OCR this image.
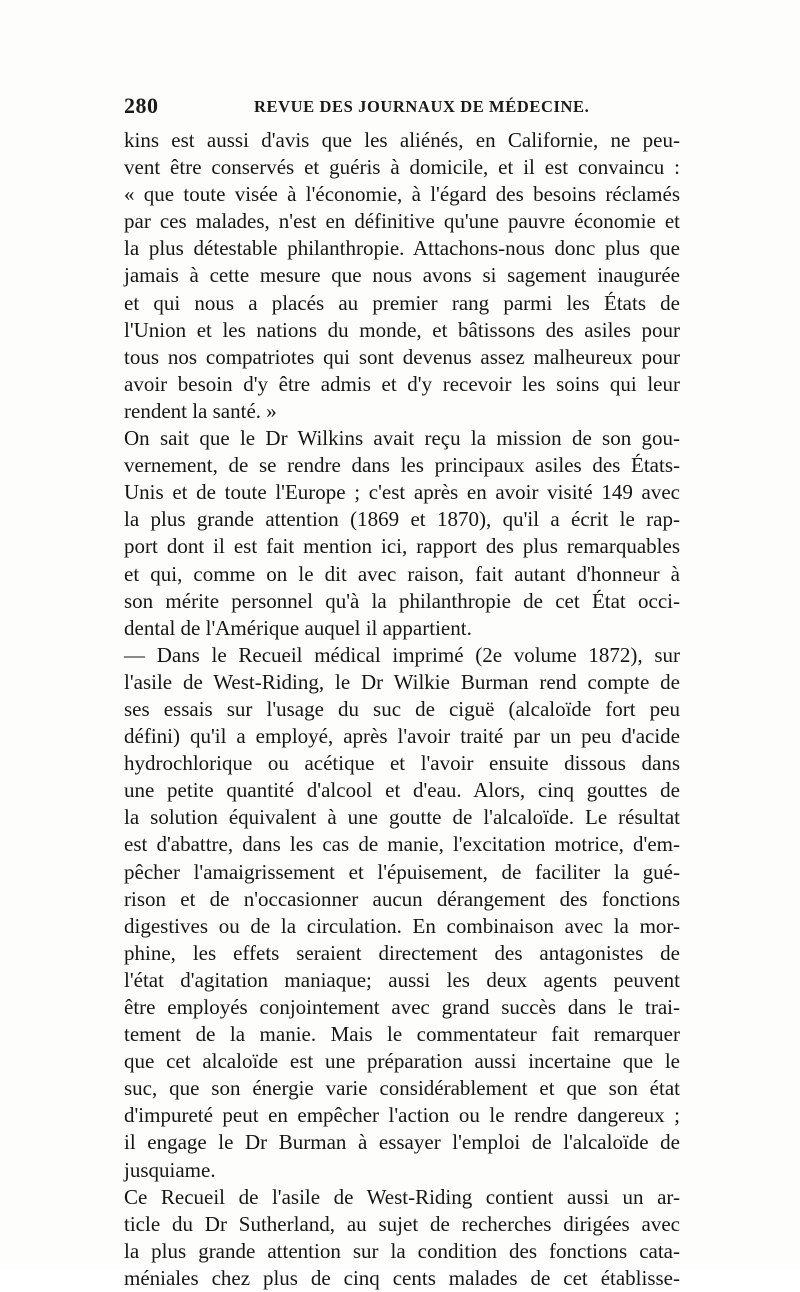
280	REVUE DES JOURNAUX DE MÉDECINE.
kins est aussi d'avis que les aliénés, en Californie, ne peu-
vent être conservés et guéris à domicile, et il est convaincu :
« que toute visée à l'économie, à l'égard des besoins réclamés
par ces malades, n'est en définitive qu'une pauvre économie et
la plus détestable philanthropie. Attachons-nous donc plus que
jamais à cette mesure que nous avons si sagement inaugurée
et qui nous a placés au premier rang parmi les États de
l'Union et les nations du monde, et bâtissons des asiles pour
tous nos compatriotes qui sont devenus assez malheureux pour
avoir besoin d'y être admis et d'y recevoir les soins qui leur
rendent la santé. »
On sait que le Dr Wilkins avait reçu la mission de son gou-
vernement, de se rendre dans les principaux asiles des États-
Unis et de toute l'Europe ; c'est après en avoir visité 149 avec
la plus grande attention (1869 et 1870), qu'il a écrit le rap-
port dont il est fait mention ici, rapport des plus remarquables
et qui, comme on le dit avec raison, fait autant d'honneur à
son mérite personnel qu'à la philanthropie de cet État occi-
dental de l'Amérique auquel il appartient.
— Dans le Recueil médical imprimé (2e volume 1872), sur
l'asile de West-Riding, le Dr Wilkie Burman rend compte de
ses essais sur l'usage du suc de ciguë (alcaloïde fort peu
défini) qu'il a employé, après l'avoir traité par un peu d'acide
hydrochlorique ou acétique et l'avoir ensuite dissous dans
une petite quantité d'alcool et d'eau. Alors, cinq gouttes de
la solution équivalent à une goutte de l'alcaloïde. Le résultat
est d'abattre, dans les cas de manie, l'excitation motrice, d'em-
pêcher l'amaigrissement et l'épuisement, de faciliter la gué-
rison et de n'occasionner aucun dérangement des fonctions
digestives ou de la circulation. En combinaison avec la mor-
phine, les effets seraient directement des antagonistes de
l'état d'agitation maniaque; aussi les deux agents peuvent
être employés conjointement avec grand succès dans le trai-
tement de la manie. Mais le commentateur fait remarquer
que cet alcaloïde est une préparation aussi incertaine que le
suc, que son énergie varie considérablement et que son état
d'impureté peut en empêcher l'action ou le rendre dangereux ;
il engage le Dr Burman à essayer l'emploi de l'alcaloïde de
jusquiame.
Ce Recueil de l'asile de West-Riding contient aussi un ar-
ticle du Dr Sutherland, au sujet de recherches dirigées avec
la plus grande attention sur la condition des fonctions cata-
méniales chez plus de cinq cents malades de cet établisse-
